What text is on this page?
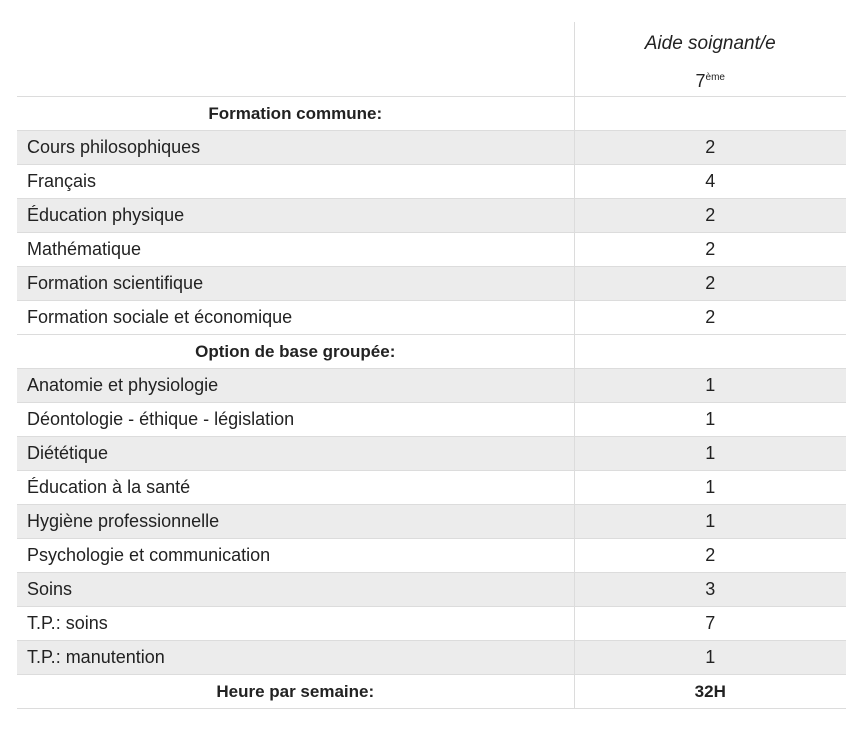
	Aide soignant/e
7ème

Formation commune:	
Cours philosophiques	2
Français	4
Éducation physique	2
Mathématique	2
Formation scientifique	2
Formation sociale et économique	2
Option de base groupée:	
Anatomie et physiologie	1
Déontologie - éthique - législation	1
Diététique	1
Éducation à la santé	1
Hygiène professionnelle	1
Psychologie et communication	2
Soins	3
T.P.: soins	7
T.P.: manutention	1
Heure par semaine:	32H
